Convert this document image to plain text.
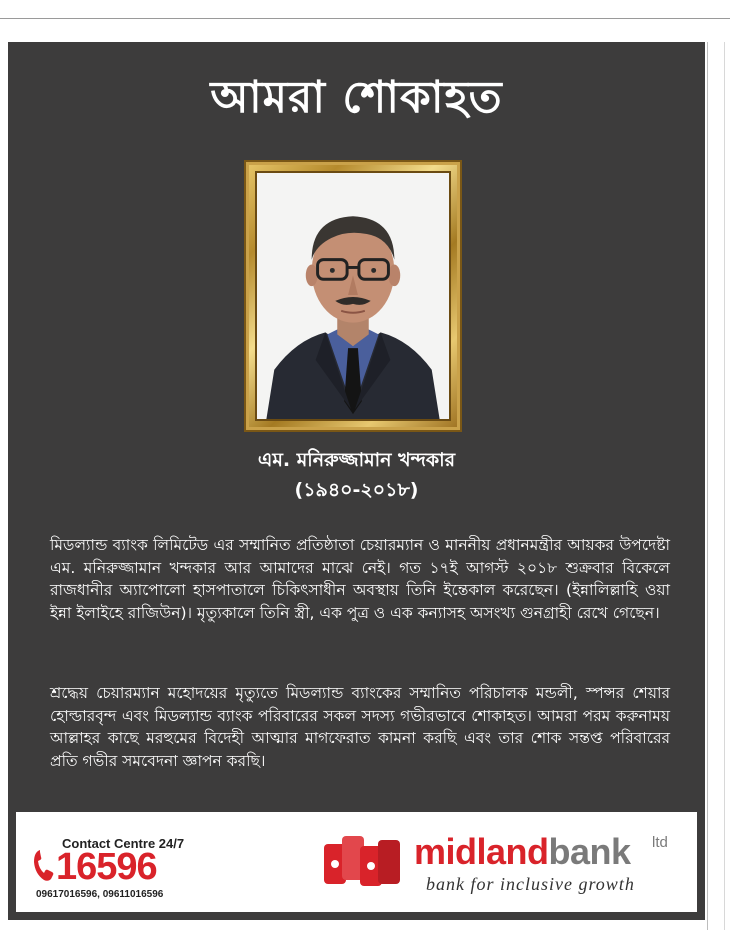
আমরা শোকাহত
এম. মনিরুজ্জামান খন্দকার
(১৯৪০-২০১৮)

মিডল্যান্ড ব্যাংক লিমিটেড এর সম্মানিত প্রতিষ্ঠাতা চেয়ারম্যান ও মাননীয় প্রধানমন্ত্রীর আয়কর উপদেষ্টা এম. মনিরুজ্জামান খন্দকার আর আমাদের মাঝে নেই। গত ১৭ই আগস্ট ২০১৮ শুক্রবার বিকেলে রাজধানীর অ্যাপোলো হাসপাতালে চিকিৎসাধীন অবস্থায় তিনি ইন্তেকাল করেছেন। (ইন্নালিল্লাহি ওয়া ইন্না ইলাইহে রাজিউন)। মৃত্যুকালে তিনি স্ত্রী, এক পুত্র ও এক কন্যাসহ অসংখ্য গুনগ্রাহী রেখে গেছেন।

শ্রদ্ধেয় চেয়ারম্যান মহোদয়ের মৃত্যুতে মিডল্যান্ড ব্যাংকের সম্মানিত পরিচালক মন্ডলী, স্পন্সর শেয়ার হোল্ডারবৃন্দ এবং মিডল্যান্ড ব্যাংক পরিবারের সকল সদস্য গভীরভাবে শোকাহত। আমরা পরম করুনাময় আল্লাহর কাছে মরহুমের বিদেহী আত্মার মাগফেরাত কামনা করছি এবং তার শোক সন্তপ্ত পরিবারের প্রতি গভীর সমবেদনা জ্ঞাপন করছি।

Contact Centre 24/7
16596
09617016596, 09611016596
midlandbank ltd
bank for inclusive growth
